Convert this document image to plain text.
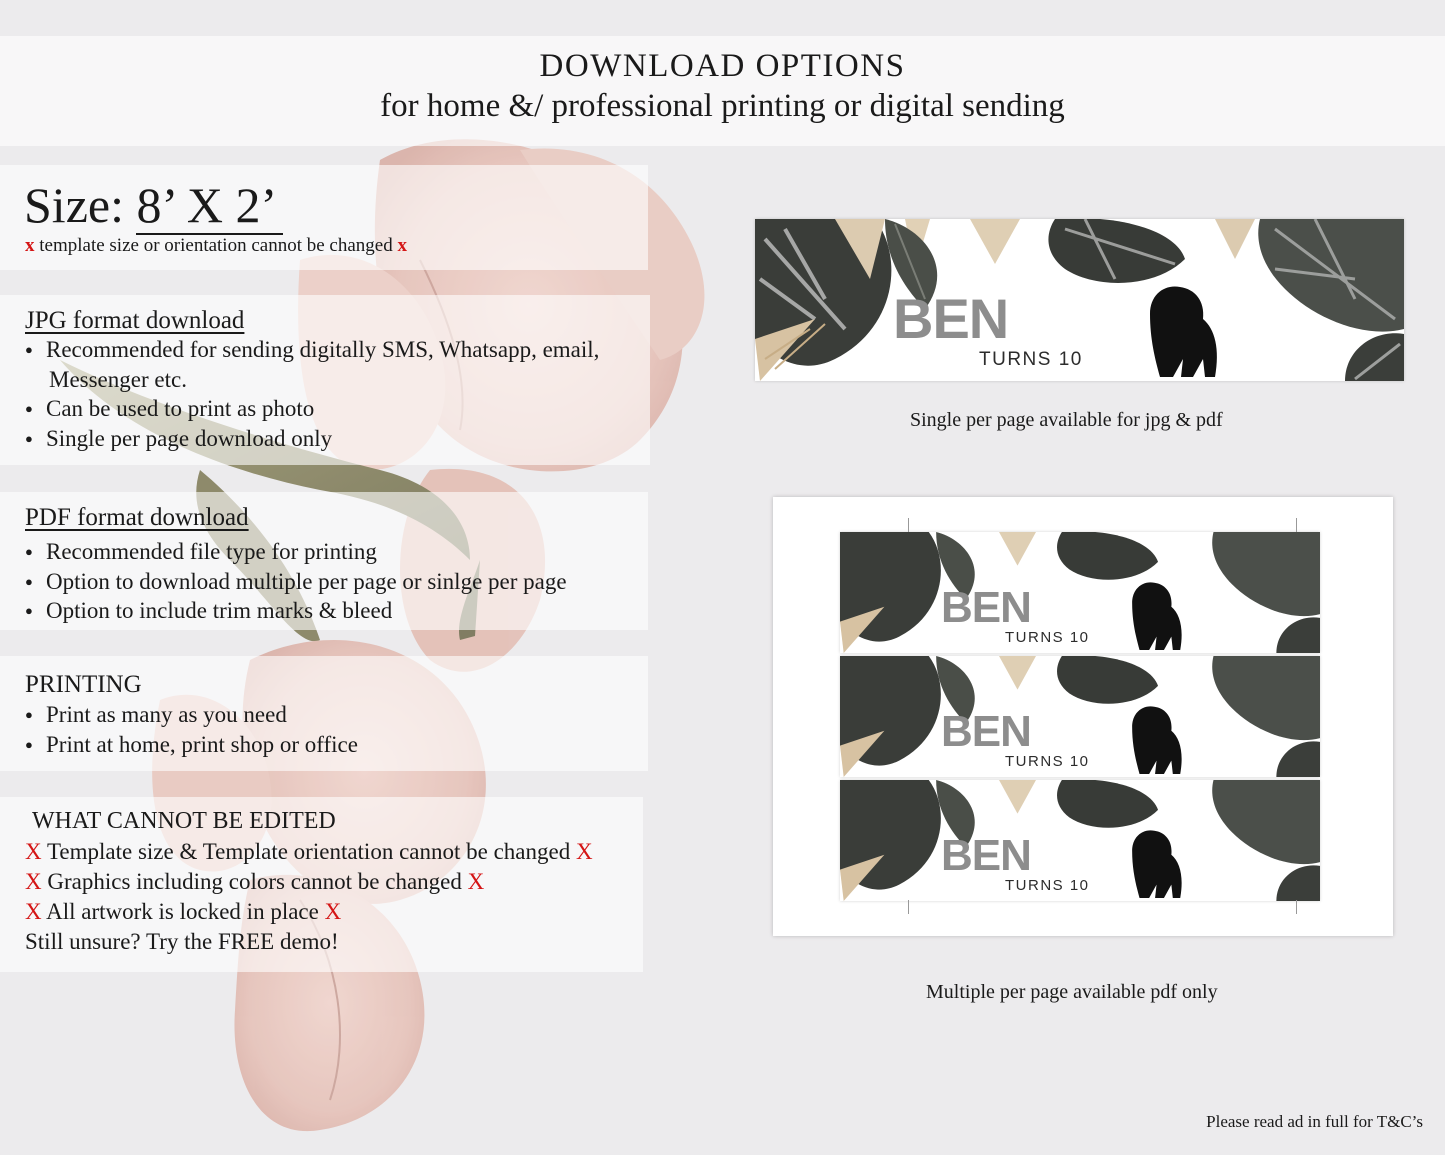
DOWNLOAD OPTIONS
for home &/ professional printing or digital sending
Size: 8’ X 2’
x template size or orientation cannot be changed x
JPG format download
● Recommended for sending digitally SMS, Whatsapp, email,
Messenger etc.
● Can be used to print as photo
● Single per page download only
PDF format download
● Recommended file type for printing
● Option to download multiple per page or sinlge per page
● Option to include trim marks & bleed
PRINTING
● Print as many as you need
● Print at home, print shop or office
WHAT CANNOT BE EDITED
X Template size & Template orientation cannot be changed X
X Graphics including colors cannot be changed X
X All artwork is locked in place X
Still unsure? Try the FREE demo!
BEN
TURNS 10
Single per page available for jpg & pdf
BEN
TURNS 10
BEN
TURNS 10
BEN
TURNS 10
Multiple per page available pdf only
Please read ad in full for T&C’s
